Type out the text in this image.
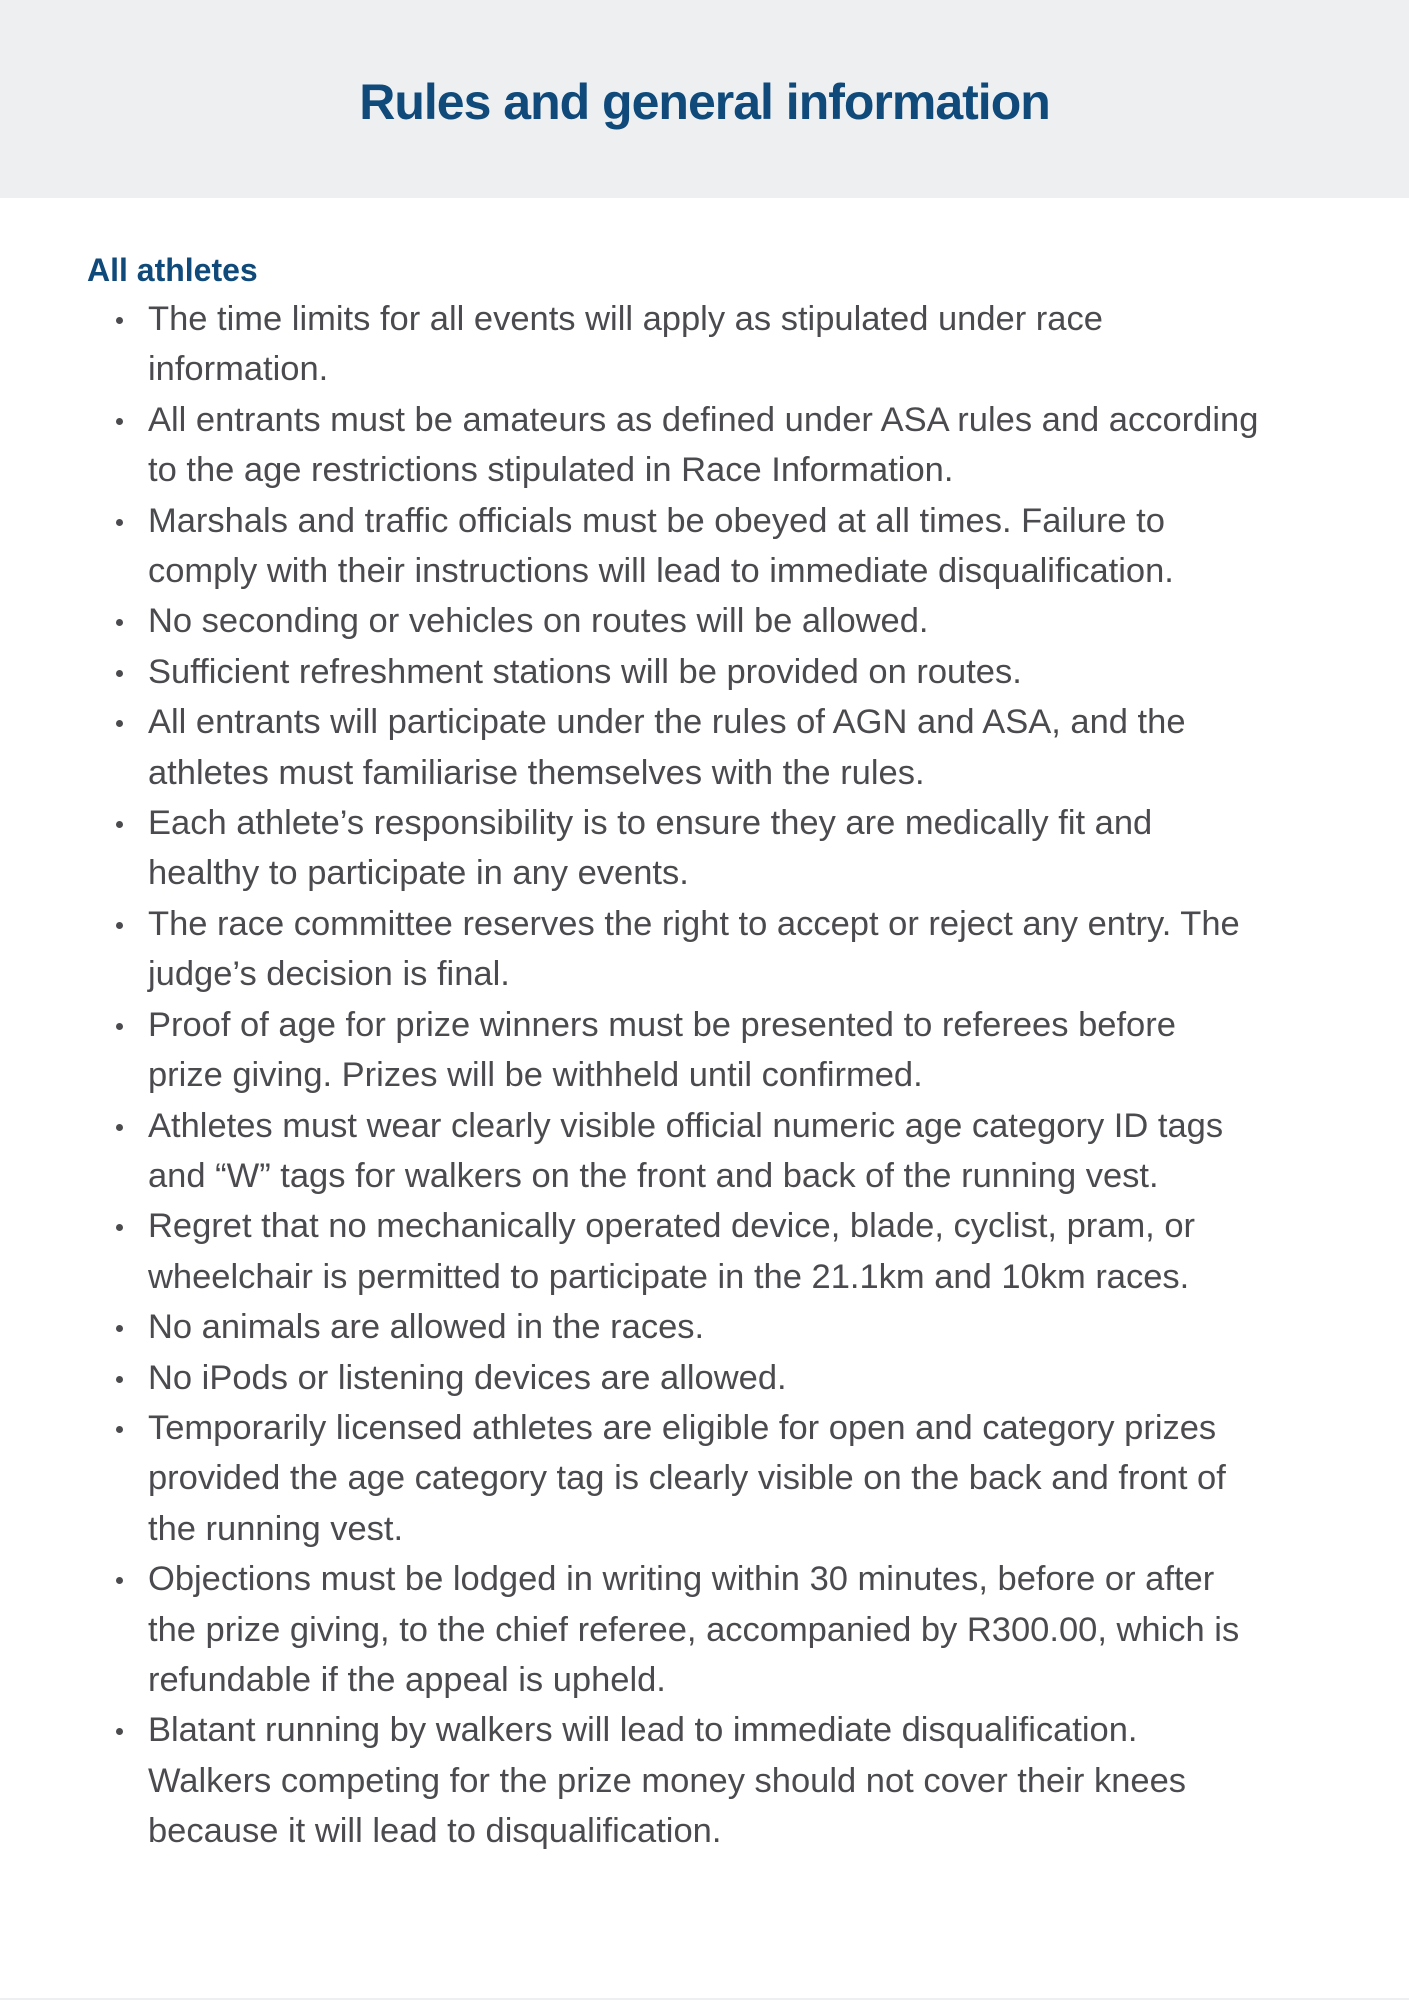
Rules and general information
All athletes
The time limits for all events will apply as stipulated under race
information.
All entrants must be amateurs as defined under ASA rules and according
to the age restrictions stipulated in Race Information.
Marshals and traffic officials must be obeyed at all times. Failure to
comply with their instructions will lead to immediate disqualification.
No seconding or vehicles on routes will be allowed.
Sufficient refreshment stations will be provided on routes.
All entrants will participate under the rules of AGN and ASA, and the
athletes must familiarise themselves with the rules.
Each athlete’s responsibility is to ensure they are medically fit and
healthy to participate in any events.
The race committee reserves the right to accept or reject any entry. The
judge’s decision is final.
Proof of age for prize winners must be presented to referees before
prize giving. Prizes will be withheld until confirmed.
Athletes must wear clearly visible official numeric age category ID tags
and “W” tags for walkers on the front and back of the running vest.
Regret that no mechanically operated device, blade, cyclist, pram, or
wheelchair is permitted to participate in the 21.1km and 10km races.
No animals are allowed in the races.
No iPods or listening devices are allowed.
Temporarily licensed athletes are eligible for open and category prizes
provided the age category tag is clearly visible on the back and front of
the running vest.
Objections must be lodged in writing within 30 minutes, before or after
the prize giving, to the chief referee, accompanied by R300.00, which is
refundable if the appeal is upheld.
Blatant running by walkers will lead to immediate disqualification.
Walkers competing for the prize money should not cover their knees
because it will lead to disqualification.
